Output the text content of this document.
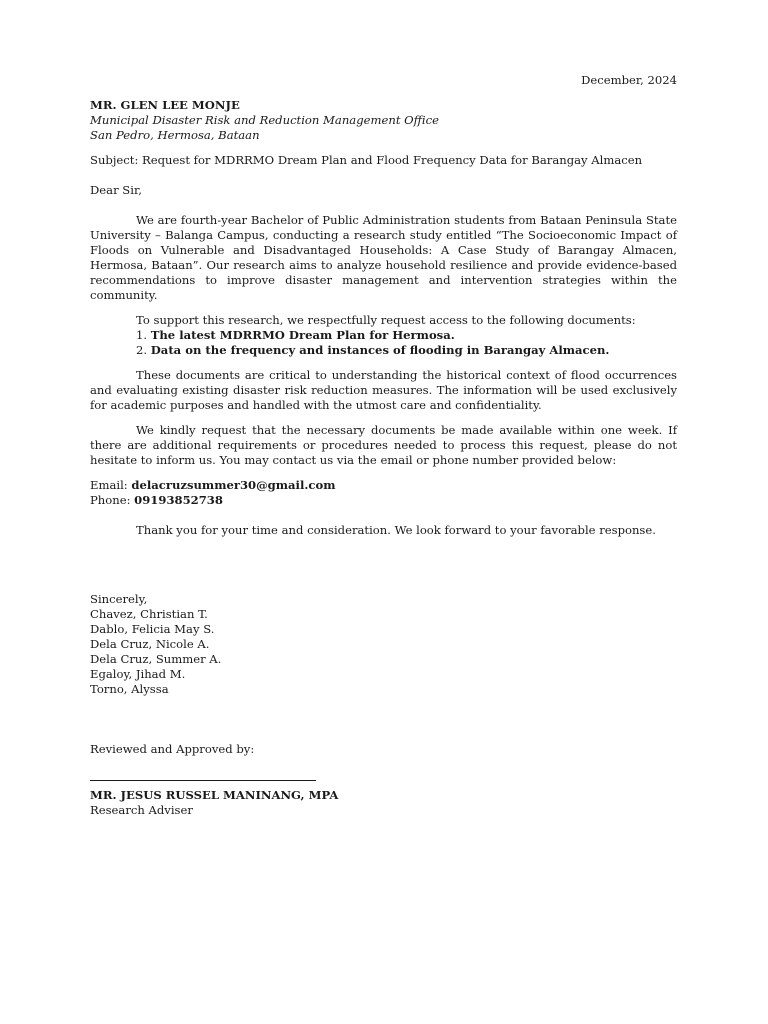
December, 2024
MR. GLEN LEE MONJE
Municipal Disaster Risk and Reduction Management Office
San Pedro, Hermosa, Bataan
Subject: Request for MDRRMO Dream Plan and Flood Frequency Data for Barangay Almacen
Dear Sir,
We are fourth-year Bachelor of Public Administration students from Bataan Peninsula State University – Balanga Campus, conducting a research study entitled “The Socioeconomic Impact of Floods on Vulnerable and Disadvantaged Households: A Case Study of Barangay Almacen, Hermosa, Bataan”. Our research aims to analyze household resilience and provide evidence-based recommendations to improve disaster management and intervention strategies within the community.
To support this research, we respectfully request access to the following documents:
1. The latest MDRRMO Dream Plan for Hermosa.
2. Data on the frequency and instances of flooding in Barangay Almacen.
These documents are critical to understanding the historical context of flood occurrences and evaluating existing disaster risk reduction measures. The information will be used exclusively for academic purposes and handled with the utmost care and confidentiality.
We kindly request that the necessary documents be made available within one week. If there are additional requirements or procedures needed to process this request, please do not hesitate to inform us. You may contact us via the email or phone number provided below:
Email: delacruzsummer30@gmail.com
Phone: 09193852738
Thank you for your time and consideration. We look forward to your favorable response.
Sincerely,
Chavez, Christian T.
Dablo, Felicia May S.
Dela Cruz, Nicole A.
Dela Cruz, Summer A.
Egaloy, Jihad M.
Torno, Alyssa
Reviewed and Approved by:
MR. JESUS RUSSEL MANINANG, MPA
Research Adviser
